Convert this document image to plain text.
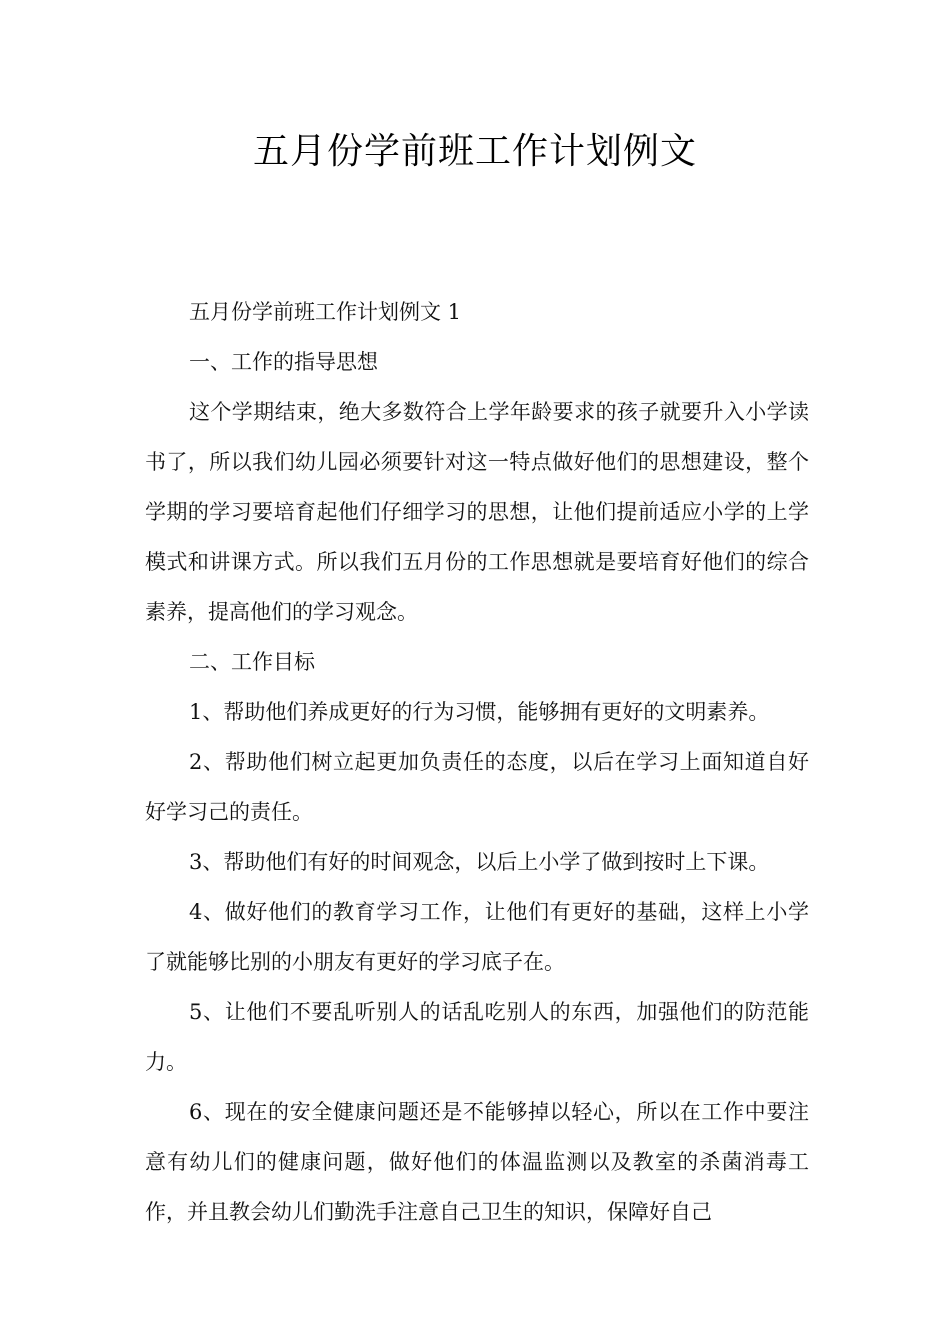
五月份学前班工作计划例文

五月份学前班工作计划例文 1

一、工作的指导思想

这个学期结束，绝大多数符合上学年龄要求的孩子就要升入小学读书了，所以我们幼儿园必须要针对这一特点做好他们的思想建设，整个学期的学习要培育起他们仔细学习的思想，让他们提前适应小学的上学模式和讲课方式。所以我们五月份的工作思想就是要培育好他们的综合素养，提高他们的学习观念。

二、工作目标

1、帮助他们养成更好的行为习惯，能够拥有更好的文明素养。

2、帮助他们树立起更加负责任的态度，以后在学习上面知道自好好学习己的责任。

3、帮助他们有好的时间观念，以后上小学了做到按时上下课。

4、做好他们的教育学习工作，让他们有更好的基础，这样上小学了就能够比别的小朋友有更好的学习底子在。

5、让他们不要乱听别人的话乱吃别人的东西，加强他们的防范能力。

6、现在的安全健康问题还是不能够掉以轻心，所以在工作中要注意有幼儿们的健康问题，做好他们的体温监测以及教室的杀菌消毒工作，并且教会幼儿们勤洗手注意自己卫生的知识，保障好自己
